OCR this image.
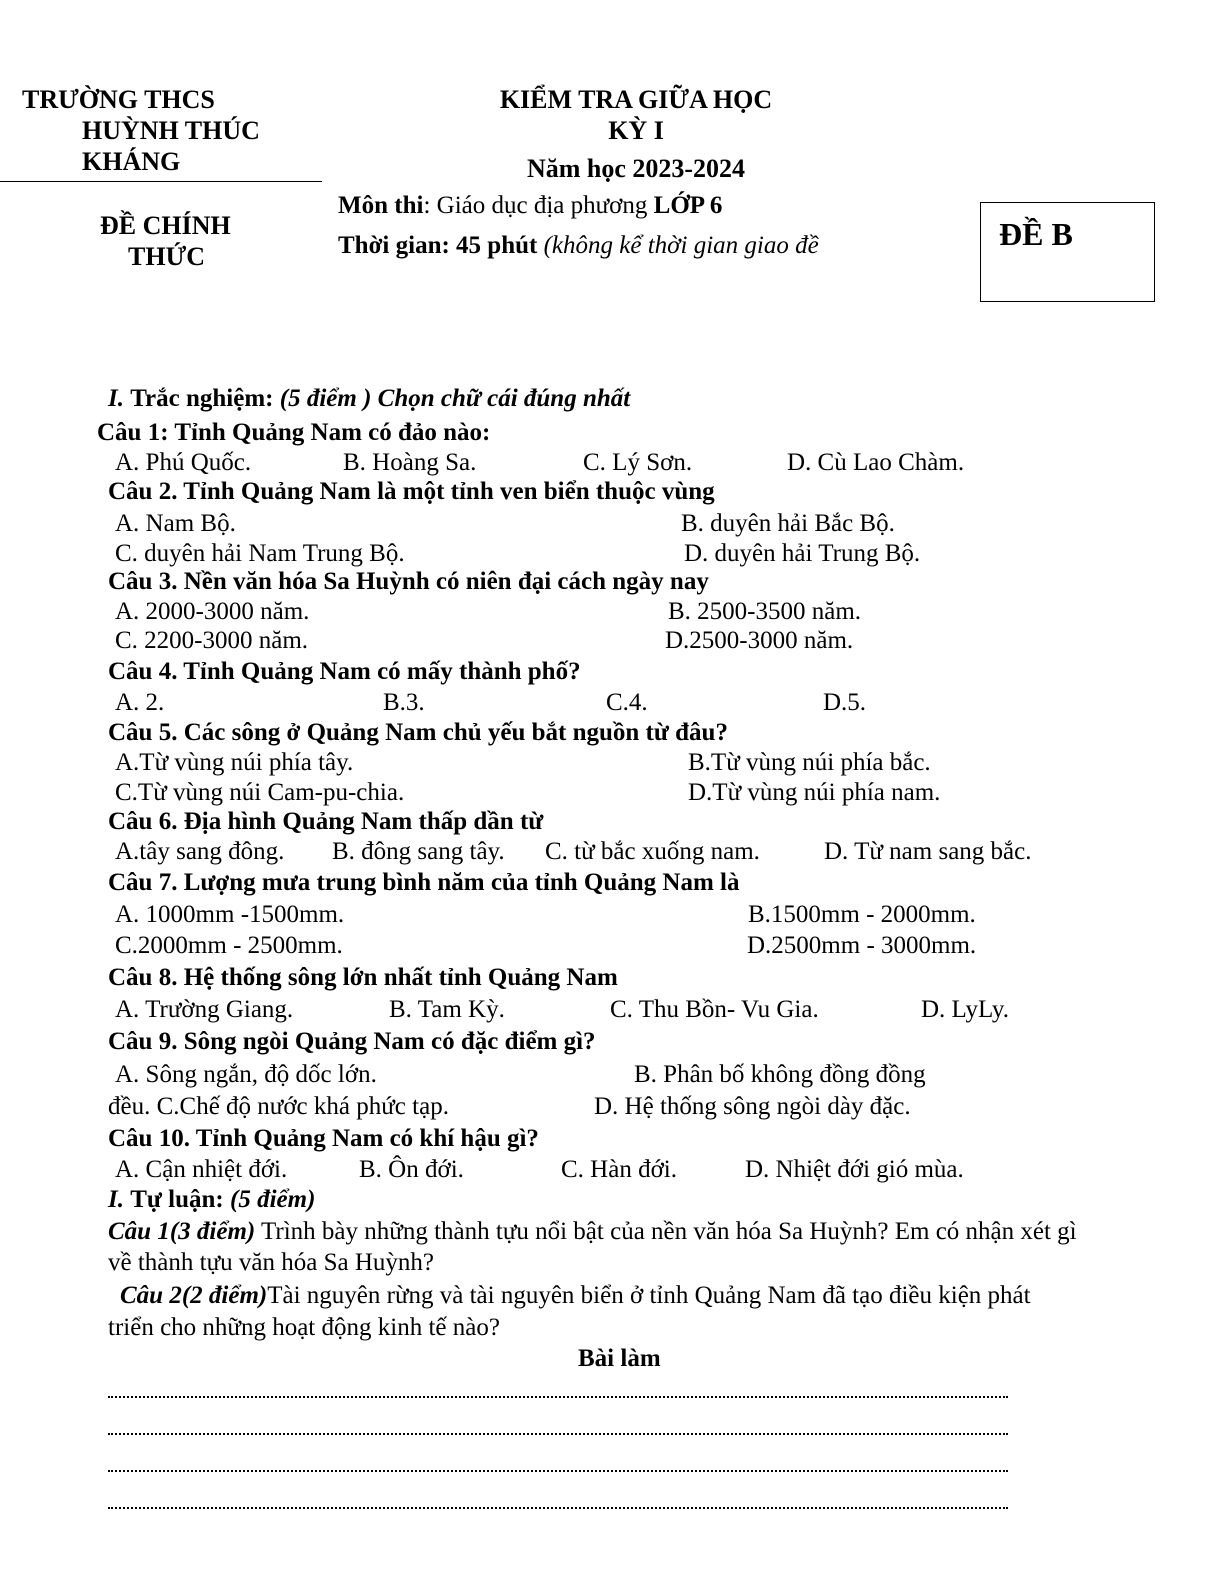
TRƯỜNG THCS
HUỲNH THÚC
KHÁNG
ĐỀ CHÍNH
THỨC
KIỂM TRA GIỮA HỌC
KỲ I
Năm học 2023-2024
Môn thi: Giáo dục địa phương LỚP 6
Thời gian: 45 phút (không kể thời gian giao đề	ĐỀ B
I. Trắc nghiệm: (5 điểm ) Chọn chữ cái đúng nhất
Câu 1: Tỉnh Quảng Nam có đảo nào:
A. Phú Quốc.	B. Hoàng Sa.	C. Lý Sơn.	D. Cù Lao Chàm.
Câu 2. Tỉnh Quảng Nam là một tỉnh ven biển thuộc vùng
A. Nam Bộ.	B. duyên hải Bắc Bộ.
C. duyên hải Nam Trung Bộ.	D. duyên hải Trung Bộ.
Câu 3. Nền văn hóa Sa Huỳnh có niên đại cách ngày nay
A. 2000-3000 năm.	B. 2500-3500 năm.
C. 2200-3000 năm.	D.2500-3000 năm.
Câu 4. Tỉnh Quảng Nam có mấy thành phố?
A. 2.	B.3.	C.4.	D.5.
Câu 5. Các sông ở Quảng Nam chủ yếu bắt nguồn từ đâu?
A.Từ vùng núi phía tây.	B.Từ vùng núi phía bắc.
C.Từ vùng núi Cam-pu-chia.	D.Từ vùng núi phía nam.
Câu 6. Địa hình Quảng Nam thấp dần từ
A.tây sang đông. B. đông sang tây. C. từ bắc xuống nam.	D. Từ nam sang bắc.
Câu 7. Lượng mưa trung bình năm của tỉnh Quảng Nam là
A. 1000mm -1500mm.	B.1500mm - 2000mm.
C.2000mm - 2500mm.	D.2500mm - 3000mm.
Câu 8. Hệ thống sông lớn nhất tỉnh Quảng Nam
A. Trường Giang.	B. Tam Kỳ.	C. Thu Bồn- Vu Gia.	D. LyLy.
Câu 9. Sông ngòi Quảng Nam có đặc điểm gì?
A. Sông ngắn, độ dốc lớn.	B. Phân bố không đồng đồng
đều. C.Chế độ nước khá phức tạp.	D. Hệ thống sông ngòi dày đặc.
Câu 10. Tỉnh Quảng Nam có khí hậu gì?
A. Cận nhiệt đới.	B. Ôn đới.	C. Hàn đới.	D. Nhiệt đới gió mùa.
I. Tự luận: (5 điểm)
Câu 1(3 điểm) Trình bày những thành tựu nổi bật của nền văn hóa Sa Huỳnh? Em có nhận xét gì
về thành tựu văn hóa Sa Huỳnh?
Câu 2(2 điểm)Tài nguyên rừng và tài nguyên biển ở tỉnh Quảng Nam đã tạo điều kiện phát
triển cho những hoạt động kinh tế nào?
Bài làm
